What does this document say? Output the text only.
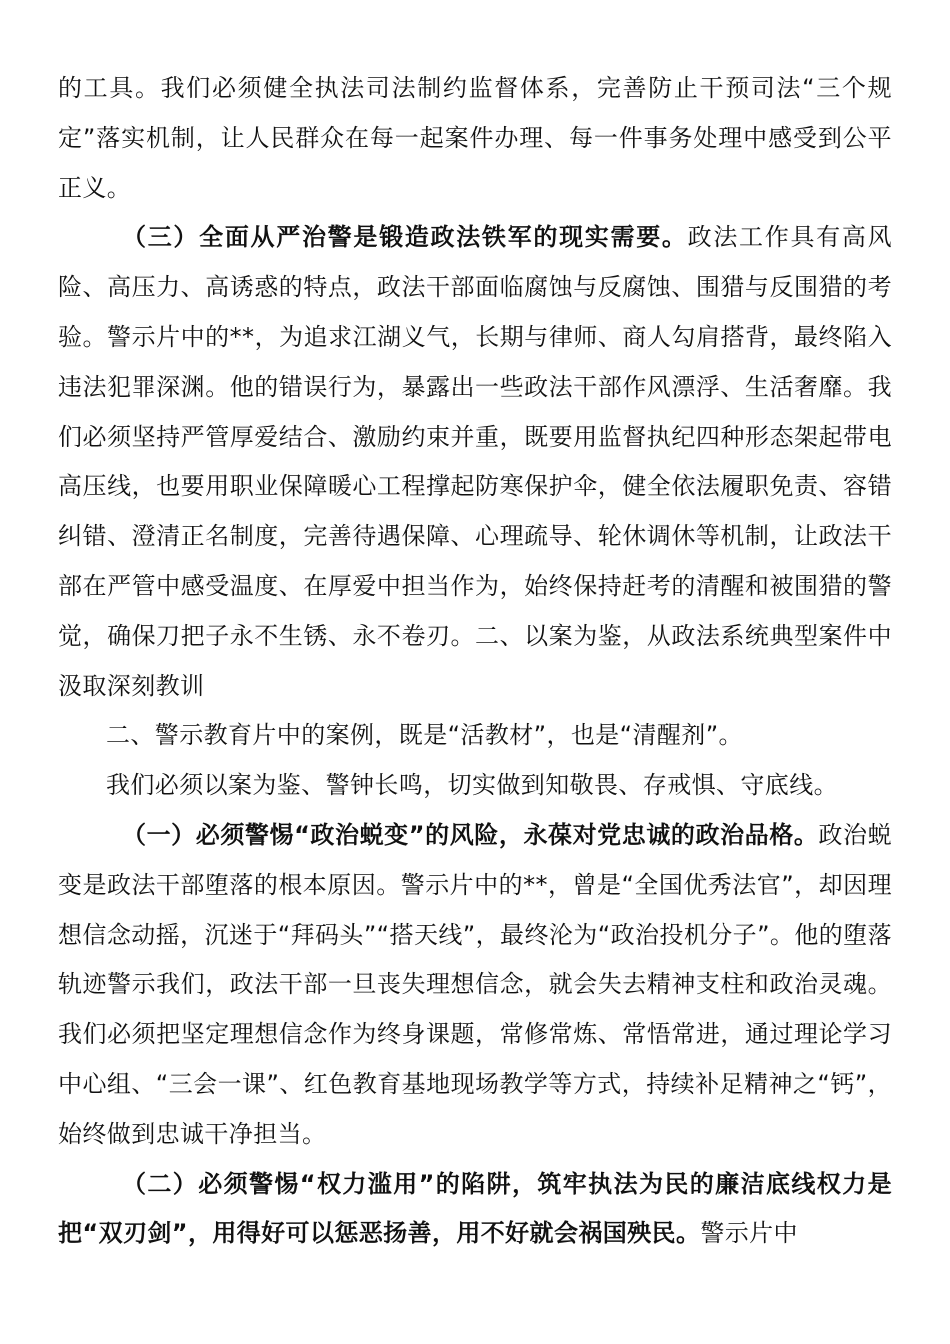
的工具。我们必须健全执法司法制约监督体系，完善防止干预司法“三个规定”落实机制，让人民群众在每一起案件办理、每一件事务处理中感受到公平正义。

（三）全面从严治警是锻造政法铁军的现实需要。政法工作具有高风险、高压力、高诱惑的特点，政法干部面临腐蚀与反腐蚀、围猎与反围猎的考验。警示片中的**，为追求江湖义气，长期与律师、商人勾肩搭背，最终陷入违法犯罪深渊。他的错误行为，暴露出一些政法干部作风漂浮、生活奢靡。我们必须坚持严管厚爱结合、激励约束并重，既要用监督执纪四种形态架起带电高压线，也要用职业保障暖心工程撑起防寒保护伞，健全依法履职免责、容错纠错、澄清正名制度，完善待遇保障、心理疏导、轮休调休等机制，让政法干部在严管中感受温度、在厚爱中担当作为，始终保持赶考的清醒和被围猎的警觉，确保刀把子永不生锈、永不卷刃。二、以案为鉴，从政法系统典型案件中汲取深刻教训

二、警示教育片中的案例，既是“活教材”，也是“清醒剂”。

我们必须以案为鉴、警钟长鸣，切实做到知敬畏、存戒惧、守底线。

（一）必须警惕“政治蜕变”的风险，永葆对党忠诚的政治品格。政治蜕变是政法干部堕落的根本原因。警示片中的**，曾是“全国优秀法官”，却因理想信念动摇，沉迷于“拜码头”“搭天线”，最终沦为“政治投机分子”。他的堕落轨迹警示我们，政法干部一旦丧失理想信念，就会失去精神支柱和政治灵魂。我们必须把坚定理想信念作为终身课题，常修常炼、常悟常进，通过理论学习中心组、“三会一课”、红色教育基地现场教学等方式，持续补足精神之“钙”，始终做到忠诚干净担当。

（二）必须警惕“权力滥用”的陷阱，筑牢执法为民的廉洁底线权力是把“双刃剑”，用得好可以惩恶扬善，用不好就会祸国殃民。警示片中
